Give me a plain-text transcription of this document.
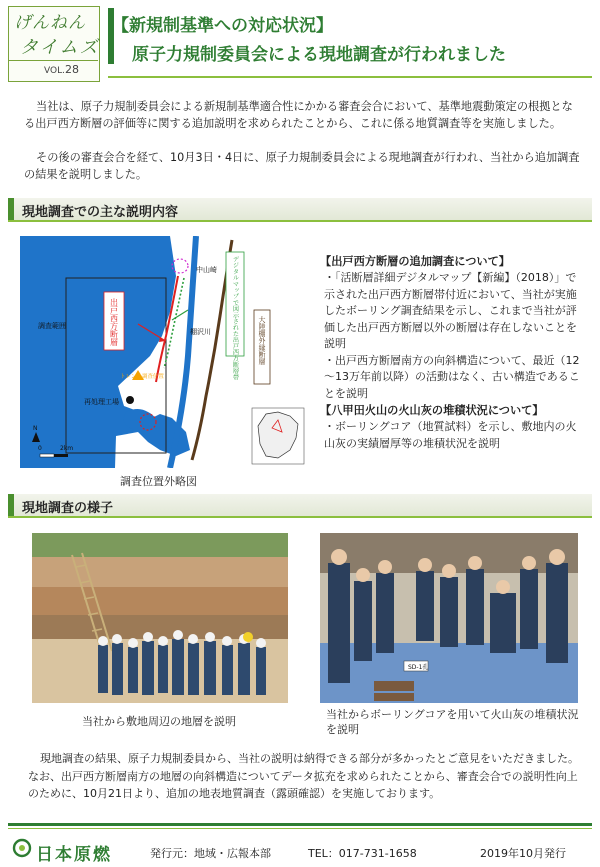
げんねん
タイムズ
VOL.28
【新規制基準への対応状況】
原子力規制委員会による現地調査が行われました
当社は、原子力規制委員会による新規制基準適合性にかかる審査会合において、基準地震動策定の根拠となる出戸西方断層の評価等に関する追加説明を求められたことから、これに係る地質調査等を実施しました。
その後の審査会合を経て、10月3日・4日に、原子力規制委員会による現地調査が行われ、当社から追加調査の結果を説明しました。
現地調査での主な説明内容
調査範囲
中山崎
棚沢川
トレンチ調査位置
再処理工場
出戸西方断層	デジタルマップで図示された出戸西方断層帯	大陸棚外縁断層
0	2km
N
調査位置外略図
【出戸西方断層の追加調査について】
・「活断層詳細デジタルマップ【新編】（2018）」で示された出戸西方断層帯付近において、当社が実施したボーリング調査結果を示し、これまで当社が評価した出戸西方断層以外の断層は存在しないことを説明
・出戸西方断層南方の向斜構造について、最近（12～13万年前以降）の活動はなく、古い構造であることを説明
【八甲田火山の火山灰の堆積状況について】
・ボーリングコア（地質試料）を示し、敷地内の火山灰の実績層厚等の堆積状況を説明
現地調査の様子
当社から敷地周辺の地層を説明
SD-1孔
当社からボーリングコアを用いて火山灰の堆積状況を説明
現地調査の結果、原子力規制委員から、当社の説明は納得できる部分が多かったとご意見をいただきました。なお、出戸西方断層南方の地層の向斜構造についてデータ拡充を求められたことから、審査会合での説明性向上のために、10月21日より、追加の地表地質調査（露頭確認）を実施しております。
日本原燃	発行元：地域・広報本部	TEL：017-731-1658	2019年10月発行
